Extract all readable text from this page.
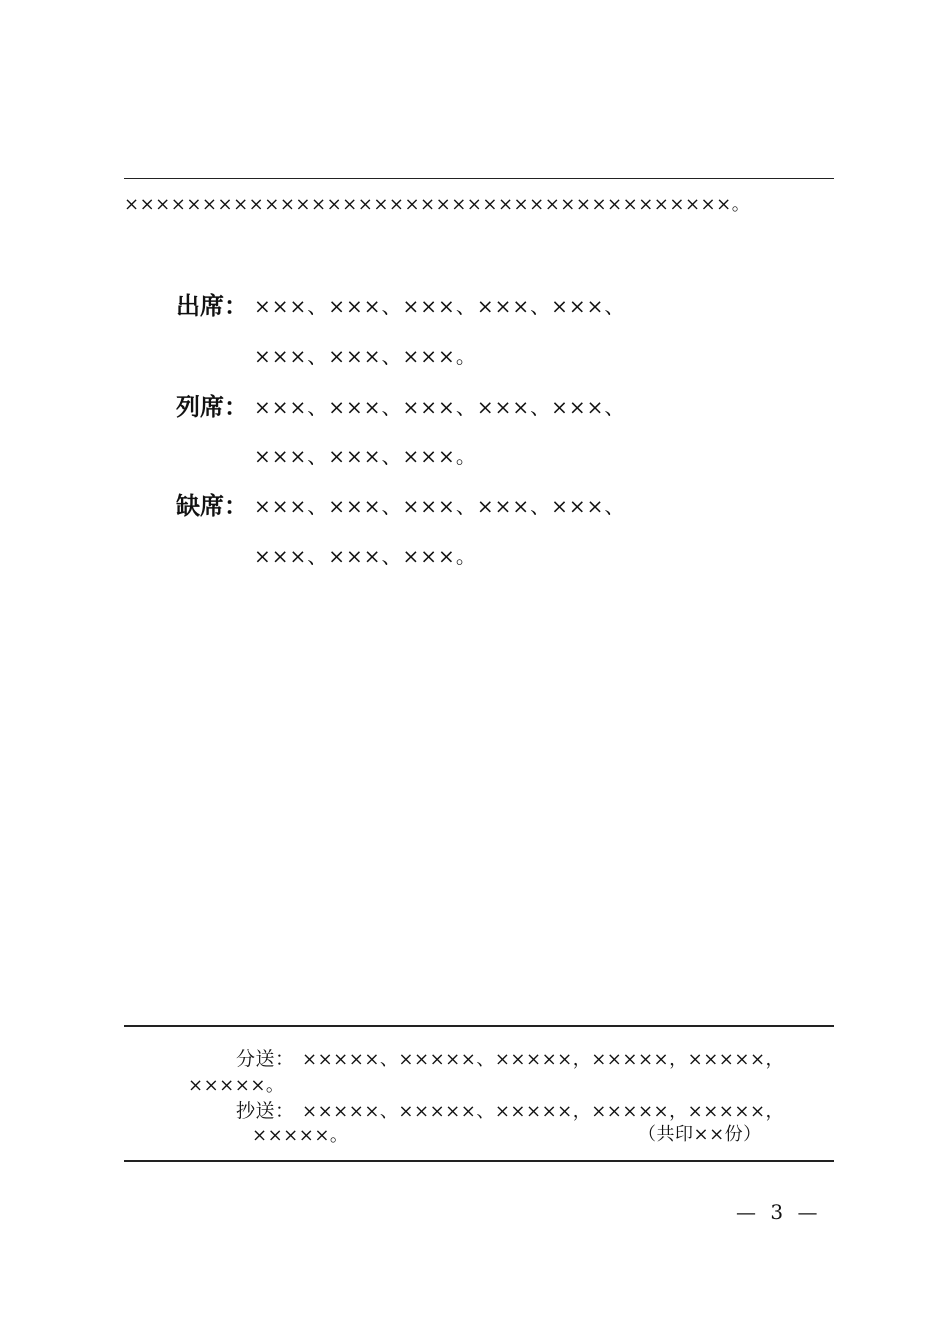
×××××××××××××××××××××××××××××××××××××××。
出席： ×××、×××、×××、×××、×××、
×××、×××、×××。
列席： ×××、×××、×××、×××、×××、
×××、×××、×××。
缺席： ×××、×××、×××、×××、×××、
×××、×××、×××。
分送： ×××××、×××××、×××××，×××××，×××××，
×××××。
抄送： ×××××、×××××、×××××，×××××，×××××，
×××××。	（共印××份）
— 3 —
